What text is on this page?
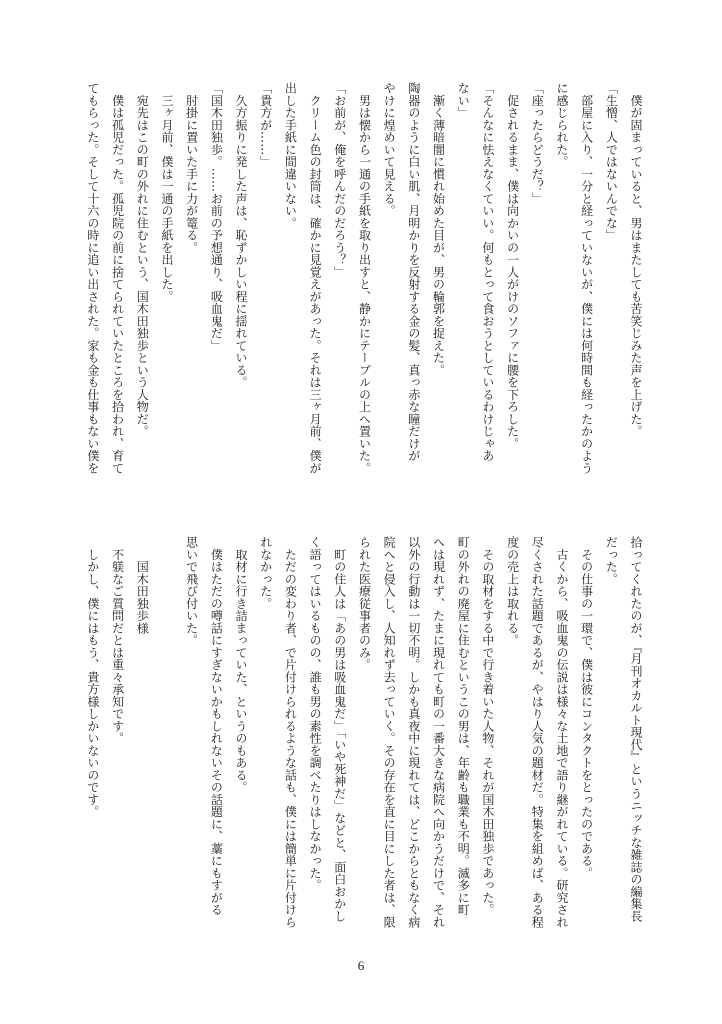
　僕が固まっていると、男はまたしても苦笑じみた声を上げた。
「生憎、人ではないんでな」
　部屋に入り、一分と経っていないが、僕には何時間も経ったかのよう
に感じられた。
「座ったらどうだ？」
　促されるまま、僕は向かいの一人がけのソファに腰を下ろした。
「そんなに怯えなくていい。何もとって食おうとしているわけじゃあ
ない」
　漸く薄暗闇に慣れ始めた目が、男の輪郭を捉えた。
陶器のように白い肌、月明かりを反射する金の髪、真っ赤な瞳だけが
やけに煌めいて見える。
　男は懐から一通の手紙を取り出すと、静かにテーブルの上へ置いた。
「お前が、俺を呼んだのだろう？」
　クリーム色の封筒は、確かに見覚えがあった。それは三ヶ月前、僕が
出した手紙に間違いない。
「貴方が……」
　久方振りに発した声は、恥ずかしい程に揺れている。
「国木田独歩。……お前の予想通り、吸血鬼だ」
　肘掛に置いた手に力が篭る。
　三ヶ月前、僕は一通の手紙を出した。
　宛先はこの町の外れに住むという、国木田独歩という人物だ。
　僕は孤児だった。孤児院の前に捨てられていたところを拾われ、育て
てもらった。そして十六の時に追い出された。家も金も仕事もない僕を
拾ってくれたのが、『月刊オカルト現代』というニッチな雑誌の編集長
だった。
　その仕事の一環で、僕は彼にコンタクトをとったのである。
　古くから、吸血鬼の伝説は様々な土地で語り継がれている。研究され
尽くされた話題であるが、やはり人気の題材だ。特集を組めば、ある程
度の売上は取れる。
　その取材をする中で行き着いた人物、それが国木田独歩であった。
町の外れの廃屋に住むというこの男は、年齢も職業も不明。滅多に町
へは現れず、たまに現れても町の一番大きな病院へ向かうだけで、それ
以外の行動は一切不明。しかも真夜中に現れては、どこからともなく病
院へと侵入し、人知れず去っていく。その存在を直に目にした者は、限
られた医療従事者のみ。
　町の住人は「あの男は吸血鬼だ」「いや死神だ」などと、面白おかし
く語ってはいるものの、誰も男の素性を調べたりはしなかった。
　ただの変わり者、で片付けられるような話も、僕には簡単に片付けら
れなかった。
　取材に行き詰まっていた、というのもある。
　僕はただの噂話にすぎないかもしれないその話題に、藁にもすがる
思いで飛び付いた。
　　国木田独歩様
　不躾なご質問だとは重々承知です。
　しかし、僕にはもう、貴方様しかいないのです。
6
